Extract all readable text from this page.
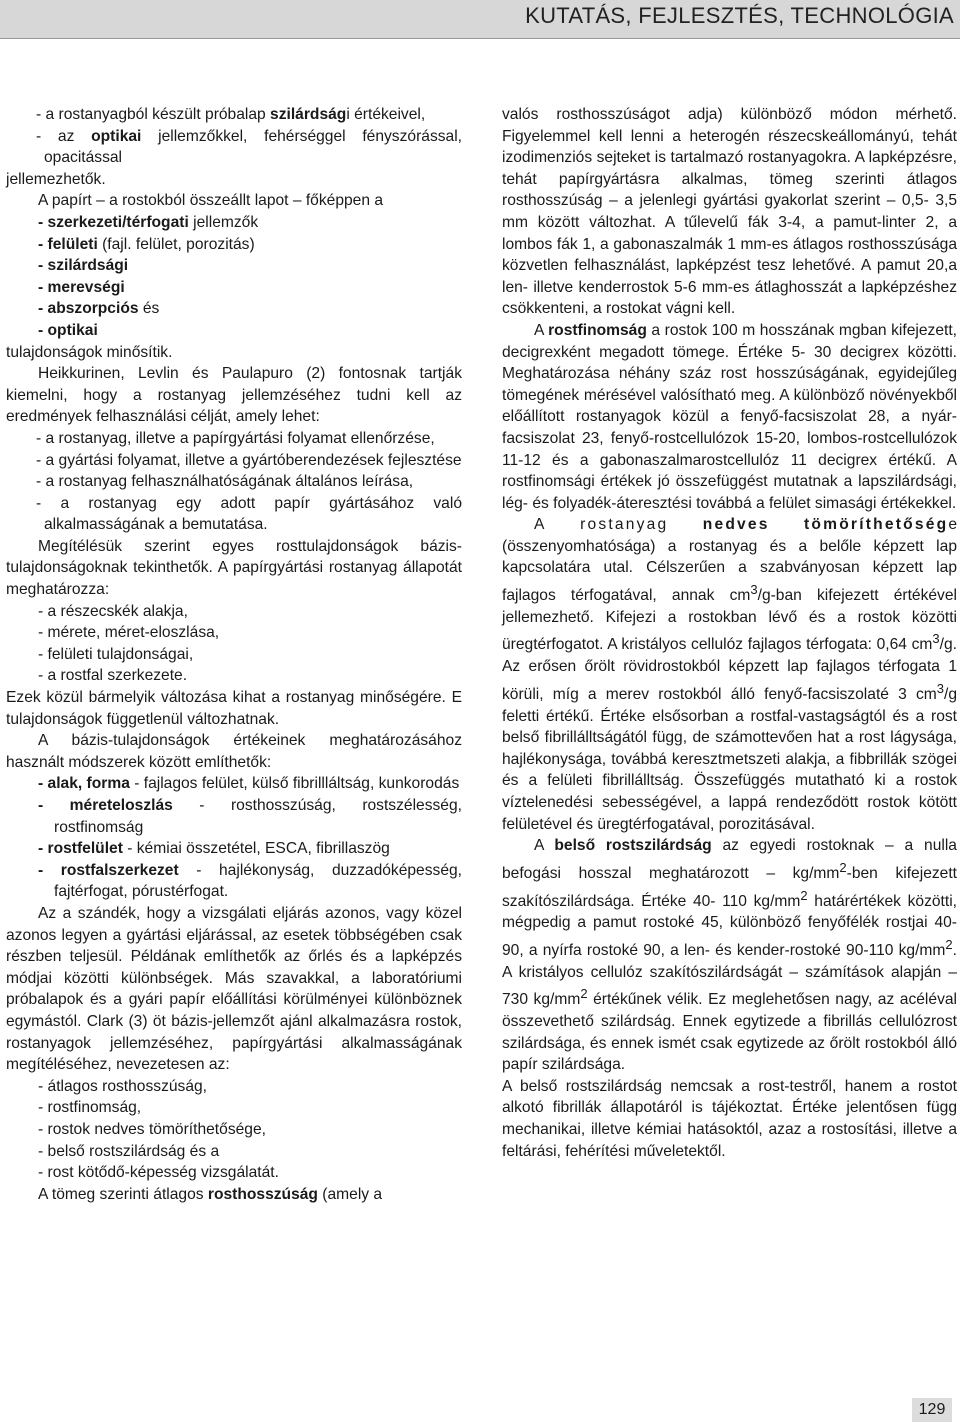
KUTATÁS, FEJLESZTÉS, TECHNOLÓGIA

- a rostanyagból készült próbalap szilárdsági értékeivel,

- az optikai jellemzőkkel, fehérséggel fényszórással, opacitással

jellemezhetők.

A papírt – a rostokból összeállt lapot – főképpen a

- szerkezeti/térfogati jellemzők

- felületi (fajl. felület, porozitás)

- szilárdsági

- merevségi

- abszorpciós és

- optikai

tulajdonságok minősítik.

Heikkurinen, Levlin és Paulapuro (2) fontosnak tartják kiemelni, hogy a rostanyag jellemzéséhez tudni kell az eredmények felhasználási célját, amely lehet:

- a rostanyag, illetve a papírgyártási folyamat ellenőrzése,

- a gyártási folyamat, illetve a gyártóberendezések fejlesztése

- a rostanyag felhasználhatóságának általános leírása,

- a rostanyag egy adott papír gyártásához való alkalmasságának a bemutatása.

Megítélésük szerint egyes rosttulajdonságok bázis-tulajdonságoknak tekinthetők. A papírgyártási rostanyag állapotát meghatározza:

- a részecskék alakja,

- mérete, méret-eloszlása,

- felületi tulajdonságai,

- a rostfal szerkezete.

Ezek közül bármelyik változása kihat a rostanyag minőségére. E tulajdonságok függetlenül változhatnak.

A bázis-tulajdonságok értékeinek meghatározásához használt módszerek között említhetők:

- alak, forma - fajlagos felület, külső fibrillláltság, kunkorodás

- méreteloszlás - rosthosszúság, rostszélesség, rostfinomság

- rostfelület - kémiai összetétel, ESCA, fibrillaszög

- rostfalszerkezet - hajlékonyság, duzzadóképesség, fajtérfogat, pórustérfogat.

Az a szándék, hogy a vizsgálati eljárás azonos, vagy közel azonos legyen a gyártási eljárással, az esetek többségében csak részben teljesül. Példának említhetők az őrlés és a lapképzés módjai közötti különbségek. Más szavakkal, a laboratóriumi próbalapok és a gyári papír előállítási körülményei különböznek egymástól. Clark (3) öt bázis-jellemzőt ajánl alkalmazásra rostok, rostanyagok jellemzéséhez, papírgyártási alkalmasságának megítéléséhez, nevezetesen az:

- átlagos rosthosszúság,

- rostfinomság,

- rostok nedves tömöríthetősége,

- belső rostszilárdság és a

- rost kötődő-képesség vizsgálatát.

A tömeg szerinti átlagos rosthosszúság (amely a

valós rosthosszúságot adja) különböző módon mérhető. Figyelemmel kell lenni a heterogén részecskeállományú, tehát izodimenziós sejteket is tartalmazó rostanyagokra. A lapképzésre, tehát papírgyártásra alkalmas, tömeg szerinti átlagos rosthosszúság – a jelenlegi gyártási gyakorlat szerint – 0,5- 3,5 mm között változhat. A tűlevelű fák 3-4, a pamut-linter 2, a lombos fák 1, a gabonaszalmák 1 mm-es átlagos rosthosszúsága közvetlen felhasználást, lapképzést tesz lehetővé. A pamut 20,a len- illetve kenderrostok 5-6 mm-es átlaghosszát a lapképzéshez csökkenteni, a rostokat vágni kell.

A rostfinomság a rostok 100 m hosszának mgban kifejezett, decigrexként megadott tömege. Értéke 5- 30 decigrex közötti. Meghatározása néhány száz rost hosszúságának, egyidejűleg tömegének mérésével valósítható meg. A különböző növényekből előállított rostanyagok közül a fenyő-facsiszolat 28, a nyár-facsiszolat 23, fenyő-rostcellulózok 15-20, lombos-rostcellulózok 11-12 és a gabonaszalmarostcellulóz 11 decigrex értékű. A rostfinomsági értékek jó összefüggést mutatnak a lapszilárdsági, lég- és folyadék-áteresztési továbbá a felület simasági értékekkel.

A rostanyag nedves tömöríthetősége (összenyomhatósága) a rostanyag és a belőle képzett lap kapcsolatára utal. Célszerűen a szabványosan képzett lap fajlagos térfogatával, annak $cm^3/g$-ban kifejezett értékével jellemezhető. Kifejezi a rostokban lévő és a rostok közötti üregtérfogatot. A kristályos cellulóz fajlagos térfogata: 0,64 $cm^3/g$. Az erősen őrölt rövidrostokból képzett lap fajlagos térfogata 1 körüli, míg a merev rostokból álló fenyő-facsiszolaté 3 $cm^3/g$ feletti értékű. Értéke elsősorban a rostfal-vastagságtól és a rost belső fibrillálltságától függ, de számottevően hat a rost lágysága, hajlékonysága, továbbá keresztmetszeti alakja, a fibbrillák szögei és a felületi fibrillálltság. Összefüggés mutatható ki a rostok víztelenedési sebességével, a lappá rendeződött rostok kötött felületével és üregtérfogatával, porozitásával.

A belső rostszilárdság az egyedi rostoknak – a nulla befogási hosszal meghatározott – $kg/mm^2$-ben kifejezett szakítószilárdsága. Értéke 40- 110 $kg/mm^2$ határértékek közötti, mégpedig a pamut rostoké 45, különböző fenyőfélék rostjai 40-90, a nyírfa rostoké 90, a len- és kender-rostoké 90-110 $kg/mm^2$. A kristályos cellulóz szakítószilárdságát – számítások alapján – 730 $kg/mm^2$ értékűnek vélik. Ez meglehetősen nagy, az acéléval összevethető szilárdság. Ennek egytizede a fibrillás cellulózrost szilárdsága, és ennek ismét csak egytizede az őrölt rostokból álló papír szilárdsága.

A belső rostszilárdság nemcsak a rost-testről, hanem a rostot alkotó fibrillák állapotáról is tájékoztat. Értéke jelentősen függ mechanikai, illetve kémiai hatásoktól, azaz a rostosítási, illetve a feltárási, fehérítési műveletektől.

129
